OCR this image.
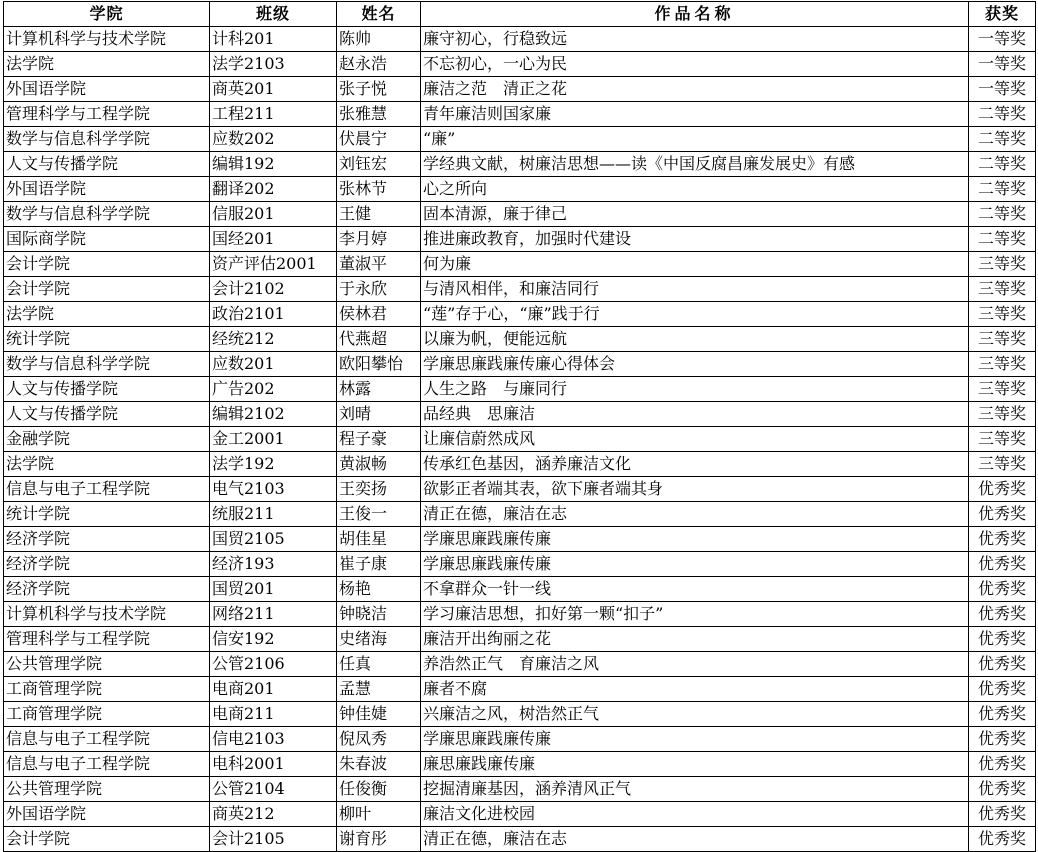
学院	班级	姓名	作品名称	获奖
计算机科学与技术学院	计科201	陈帅	廉守初心，行稳致远	一等奖
法学院	法学2103	赵永浩	不忘初心，一心为民	一等奖
外国语学院	商英201	张子悦	廉洁之范　清正之花	一等奖
管理科学与工程学院	工程211	张雅慧	青年廉洁则国家廉	二等奖
数学与信息科学学院	应数202	伏晨宁	“廉”	二等奖
人文与传播学院	编辑192	刘钰宏	学经典文献，树廉洁思想——读《中国反腐昌廉发展史》有感	二等奖
外国语学院	翻译202	张林节	心之所向	二等奖
数学与信息科学学院	信服201	王健	固本清源，廉于律己	二等奖
国际商学院	国经201	李月婷	推进廉政教育，加强时代建设	二等奖
会计学院	资产评估2001	董淑平	何为廉	三等奖
会计学院	会计2102	于永欣	与清风相伴，和廉洁同行	三等奖
法学院	政治2101	侯林君	“莲”存于心，“廉”践于行	三等奖
统计学院	经统212	代燕超	以廉为帆，便能远航	三等奖
数学与信息科学学院	应数201	欧阳攀怡	学廉思廉践廉传廉心得体会	三等奖
人文与传播学院	广告202	林露	人生之路　与廉同行	三等奖
人文与传播学院	编辑2102	刘晴	品经典　思廉洁	三等奖
金融学院	金工2001	程子豪	让廉信蔚然成风	三等奖
法学院	法学192	黄淑畅	传承红色基因，涵养廉洁文化	三等奖
信息与电子工程学院	电气2103	王奕扬	欲影正者端其表，欲下廉者端其身	优秀奖
统计学院	统服211	王俊一	清正在德，廉洁在志	优秀奖
经济学院	国贸2105	胡佳星	学廉思廉践廉传廉	优秀奖
经济学院	经济193	崔子康	学廉思廉践廉传廉	优秀奖
经济学院	国贸201	杨艳	不拿群众一针一线	优秀奖
计算机科学与技术学院	网络211	钟晓洁	学习廉洁思想，扣好第一颗“扣子”	优秀奖
管理科学与工程学院	信安192	史绪海	廉洁开出绚丽之花	优秀奖
公共管理学院	公管2106	任真	养浩然正气　育廉洁之风	优秀奖
工商管理学院	电商201	孟慧	廉者不腐	优秀奖
工商管理学院	电商211	钟佳婕	兴廉洁之风，树浩然正气	优秀奖
信息与电子工程学院	信电2103	倪凤秀	学廉思廉践廉传廉	优秀奖
信息与电子工程学院	电科2001	朱春波	廉思廉践廉传廉	优秀奖
公共管理学院	公管2104	任俊衡	挖掘清廉基因，涵养清风正气	优秀奖
外国语学院	商英212	柳叶	廉洁文化进校园	优秀奖
会计学院	会计2105	谢育彤	清正在德，廉洁在志	优秀奖
